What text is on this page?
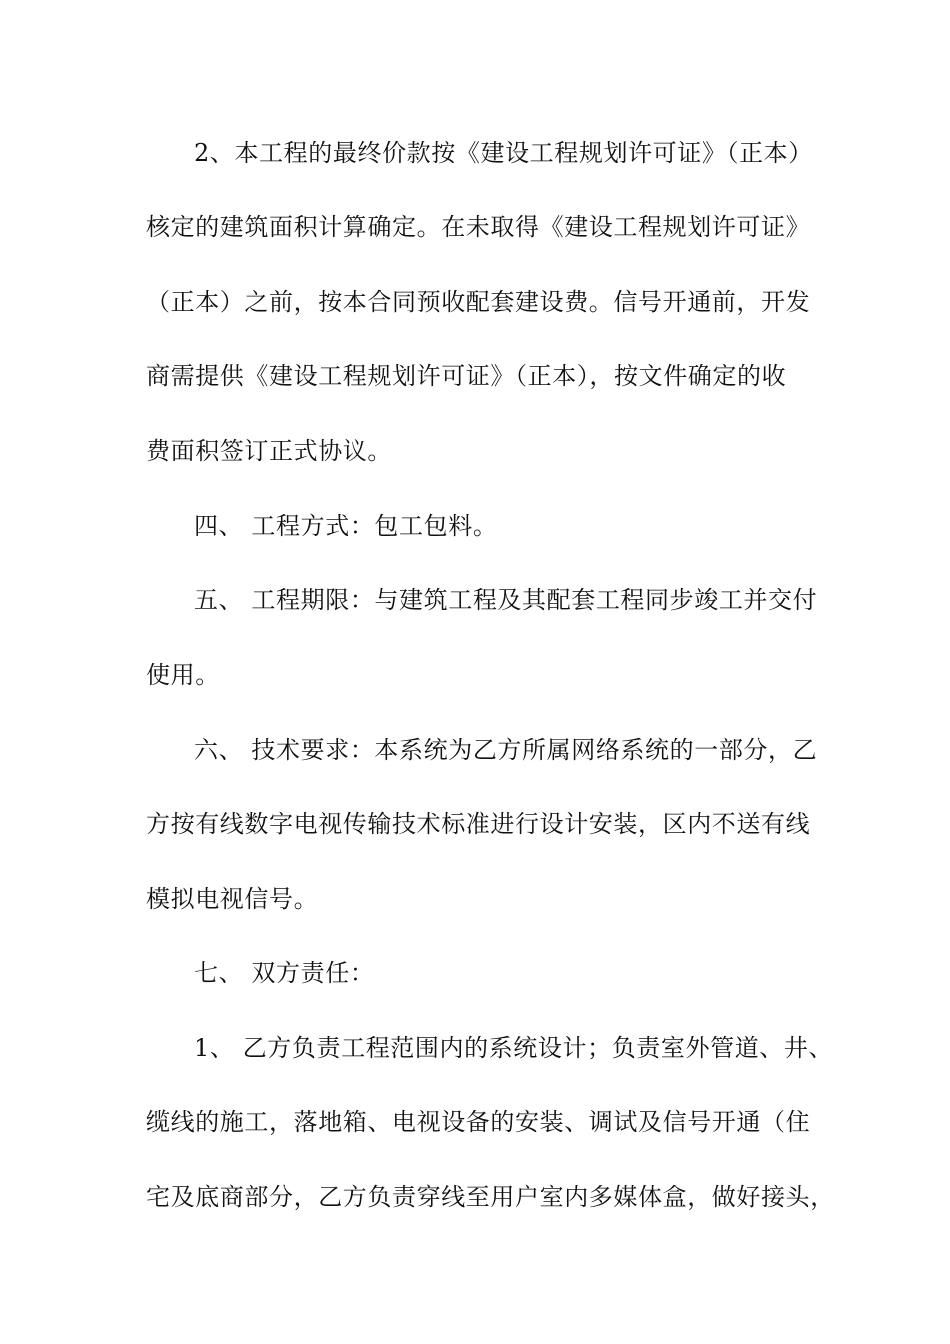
2、本工程的最终价款按《建设工程规划许可证》（正本）
核定的建筑面积计算确定。在未取得《建设工程规划许可证》
（正本）之前，按本合同预收配套建设费。信号开通前，开发
商需提供《建设工程规划许可证》（正本），按文件确定的收
费面积签订正式协议。
四、 工程方式：包工包料。
五、 工程期限：与建筑工程及其配套工程同步竣工并交付
使用。
六、 技术要求：本系统为乙方所属网络系统的一部分，乙
方按有线数字电视传输技术标准进行设计安装，区内不送有线
模拟电视信号。
七、 双方责任：
1、 乙方负责工程范围内的系统设计；负责室外管道、井、
缆线的施工，落地箱、电视设备的安装、调试及信号开通（住
宅及底商部分，乙方负责穿线至用户室内多媒体盒，做好接头，
